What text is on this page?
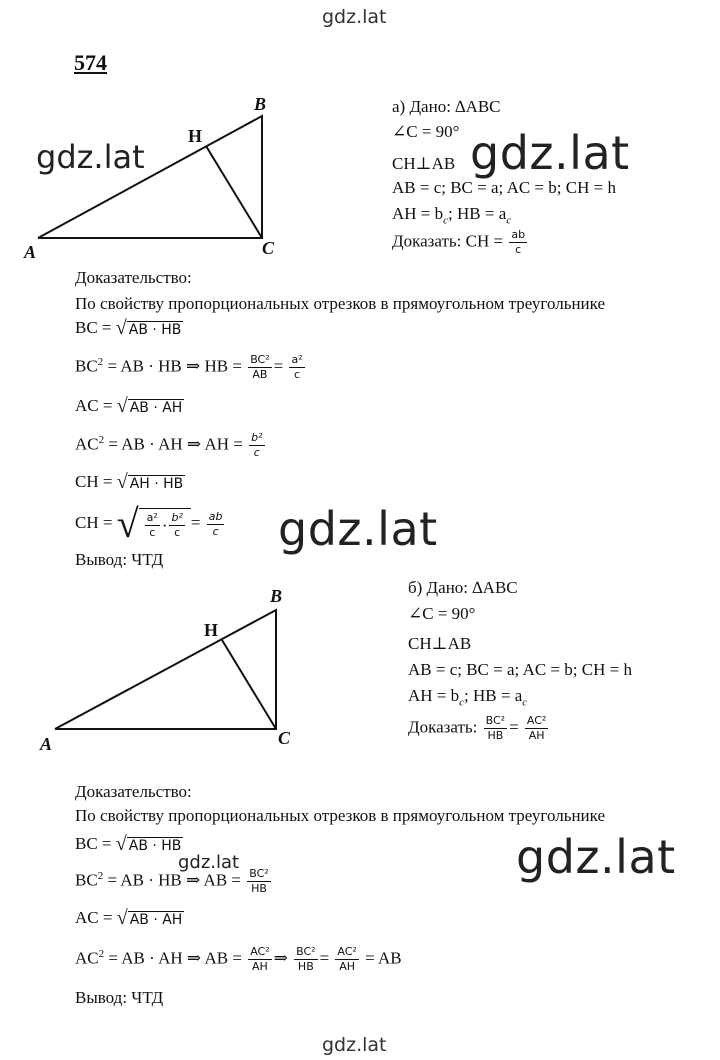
gdz.lat
574
A
B
C
H
gdz.lat
а) Дано: ∆ABC
∠C = 90°
CH⊥AB gdz.lat
AB = c; BC = a; AC = b; CH = h
AH = $b_c$; HB = $a_c$
Доказать: CH = $\frac{ab}{c}$
Доказательство:
По свойству пропорциональных отрезков в прямоугольном треугольнике
BC = √ AB · HB
$BC^2$ = AB · HB ⇒ HB = $\frac{\text{BC²}}{AB} = \frac{\text{a²}}{c}$
AC = √ AB · AH
$AC^2$ = AB · AH ⇒ AH = $\frac{\text{b²}}{c}$
CH = √ AH · HB
CH = √ $\frac{\text{a²}}{c} \cdot \frac{\text{b²}}{c} = \frac{ab}{c} gdz.lat$
Вывод: ЧТД
A
B
C
H
б) Дано: ∆ABC
∠C = 90°
CH⊥AB
AB = c; BC = a; AC = b; CH = h
AH = $b_c$; HB = $a_c$
Доказать: $\frac{\text{BC²}}{HB} = \frac{\text{AC²}}{AH}$
Доказательство:
По свойству пропорциональных отрезков в прямоугольном треугольнике
BC = √ AB · HB
gdz.lat	gdz.lat
$BC^2$ = AB · HB ⇒ AB = $\frac{\text{BC²}}{HB}$
AC = √ AB · AH
$AC^2$ = AB · AH ⇒ AB = $\frac{\text{AC²}}{AH}$ ⇒ $\frac{\text{BC²}}{HB} = \frac{\text{AC²}}{AH}$ = AB
Вывод: ЧТД
gdz.lat
